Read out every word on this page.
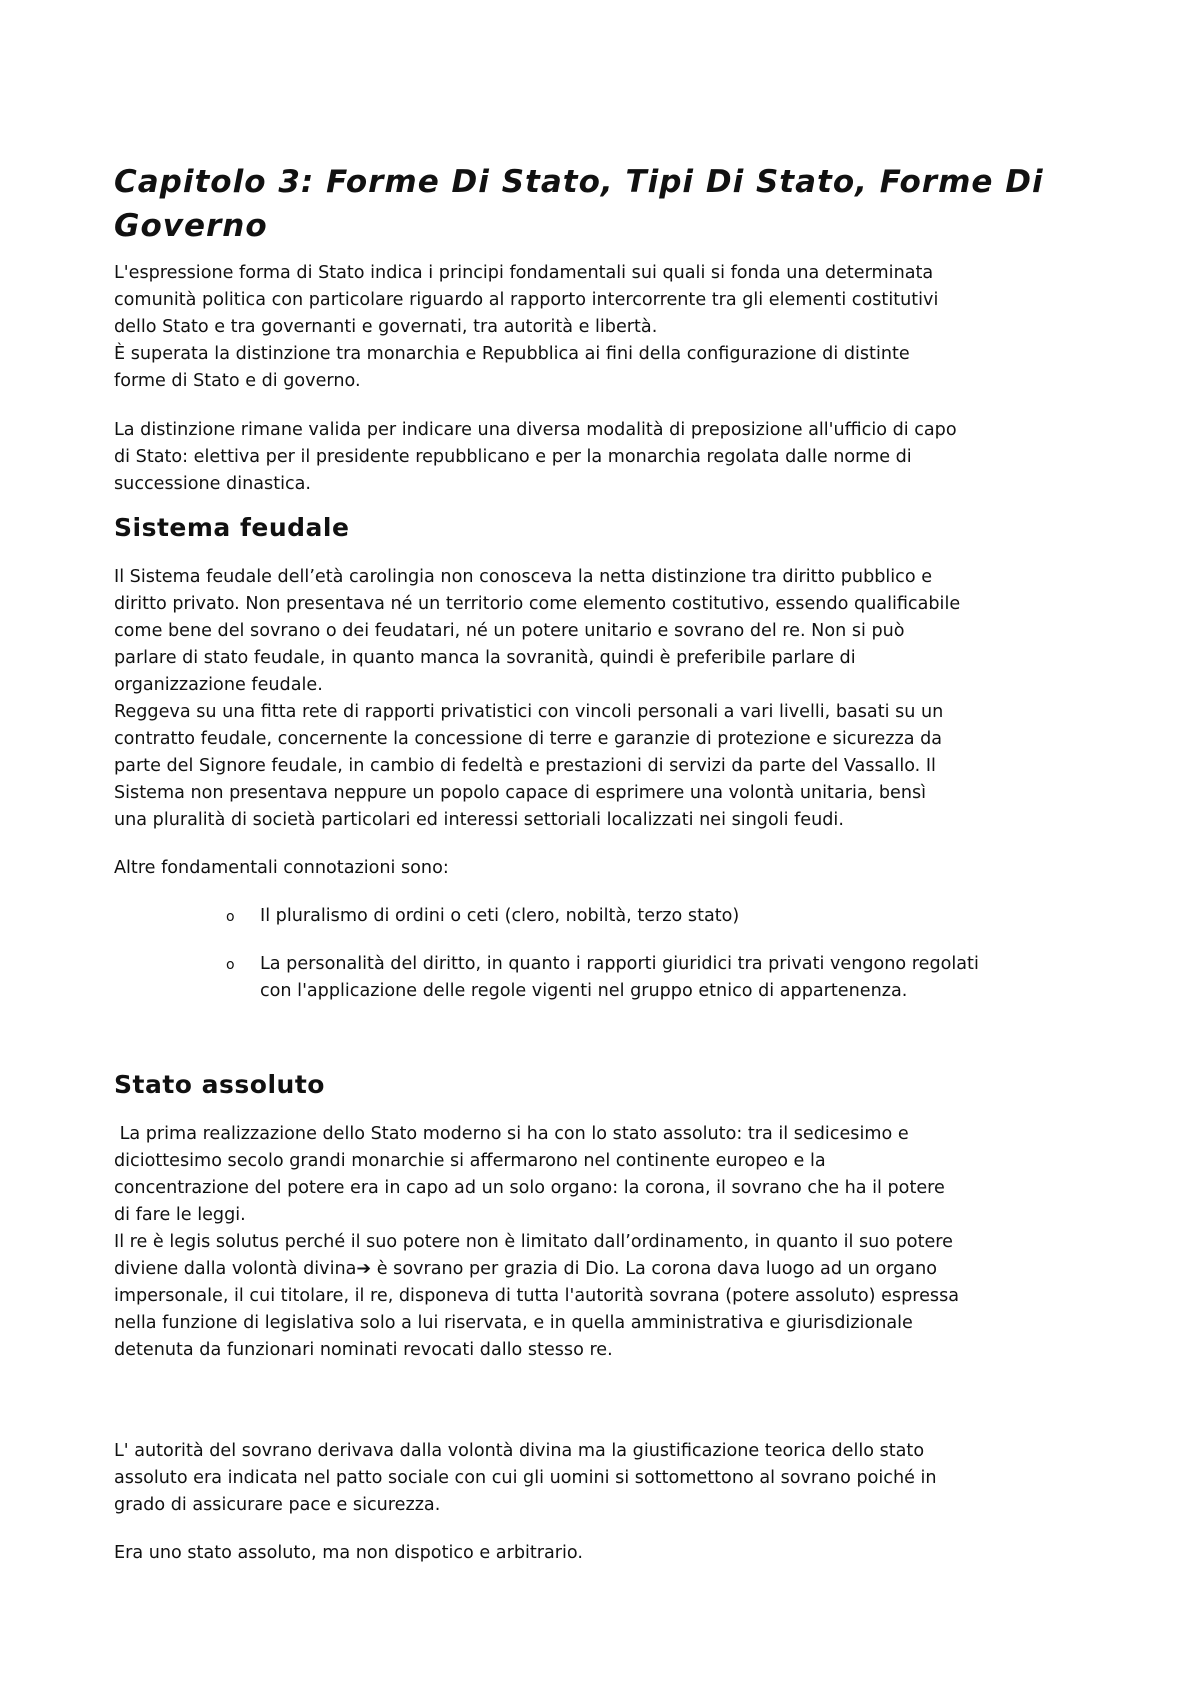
Capitolo 3: Forme Di Stato, Tipi Di Stato, Forme Di Governo

L'espressione forma di Stato indica i principi fondamentali sui quali si fonda una determinata
comunità politica con particolare riguardo al rapporto intercorrente tra gli elementi costitutivi
dello Stato e tra governanti e governati, tra autorità e libertà.
È superata la distinzione tra monarchia e Repubblica ai fini della configurazione di distinte
forme di Stato e di governo.

La distinzione rimane valida per indicare una diversa modalità di preposizione all'ufficio di capo
di Stato: elettiva per il presidente repubblicano e per la monarchia regolata dalle norme di
successione dinastica.

Sistema feudale

Il Sistema feudale dell’età carolingia non conosceva la netta distinzione tra diritto pubblico e
diritto privato. Non presentava né un territorio come elemento costitutivo, essendo qualificabile
come bene del sovrano o dei feudatari, né un potere unitario e sovrano del re. Non si può
parlare di stato feudale, in quanto manca la sovranità, quindi è preferibile parlare di
organizzazione feudale.
Reggeva su una fitta rete di rapporti privatistici con vincoli personali a vari livelli, basati su un
contratto feudale, concernente la concessione di terre e garanzie di protezione e sicurezza da
parte del Signore feudale, in cambio di fedeltà e prestazioni di servizi da parte del Vassallo. Il
Sistema non presentava neppure un popolo capace di esprimere una volontà unitaria, bensì
una pluralità di società particolari ed interessi settoriali localizzati nei singoli feudi.

Altre fondamentali connotazioni sono:

o Il pluralismo di ordini o ceti (clero, nobiltà, terzo stato)
o La personalità del diritto, in quanto i rapporti giuridici tra privati vengono regolati
con l'applicazione delle regole vigenti nel gruppo etnico di appartenenza.
Stato assoluto

La prima realizzazione dello Stato moderno si ha con lo stato assoluto: tra il sedicesimo e
diciottesimo secolo grandi monarchie si affermarono nel continente europeo e la
concentrazione del potere era in capo ad un solo organo: la corona, il sovrano che ha il potere
di fare le leggi.
Il re è legis solutus perché il suo potere non è limitato dall’ordinamento, in quanto il suo potere
diviene dalla volontà divina➔ è sovrano per grazia di Dio. La corona dava luogo ad un organo
impersonale, il cui titolare, il re, disponeva di tutta l'autorità sovrana (potere assoluto) espressa
nella funzione di legislativa solo a lui riservata, e in quella amministrativa e giurisdizionale
detenuta da funzionari nominati revocati dallo stesso re.

L' autorità del sovrano derivava dalla volontà divina ma la giustificazione teorica dello stato
assoluto era indicata nel patto sociale con cui gli uomini si sottomettono al sovrano poiché in
grado di assicurare pace e sicurezza.

Era uno stato assoluto, ma non dispotico e arbitrario.
